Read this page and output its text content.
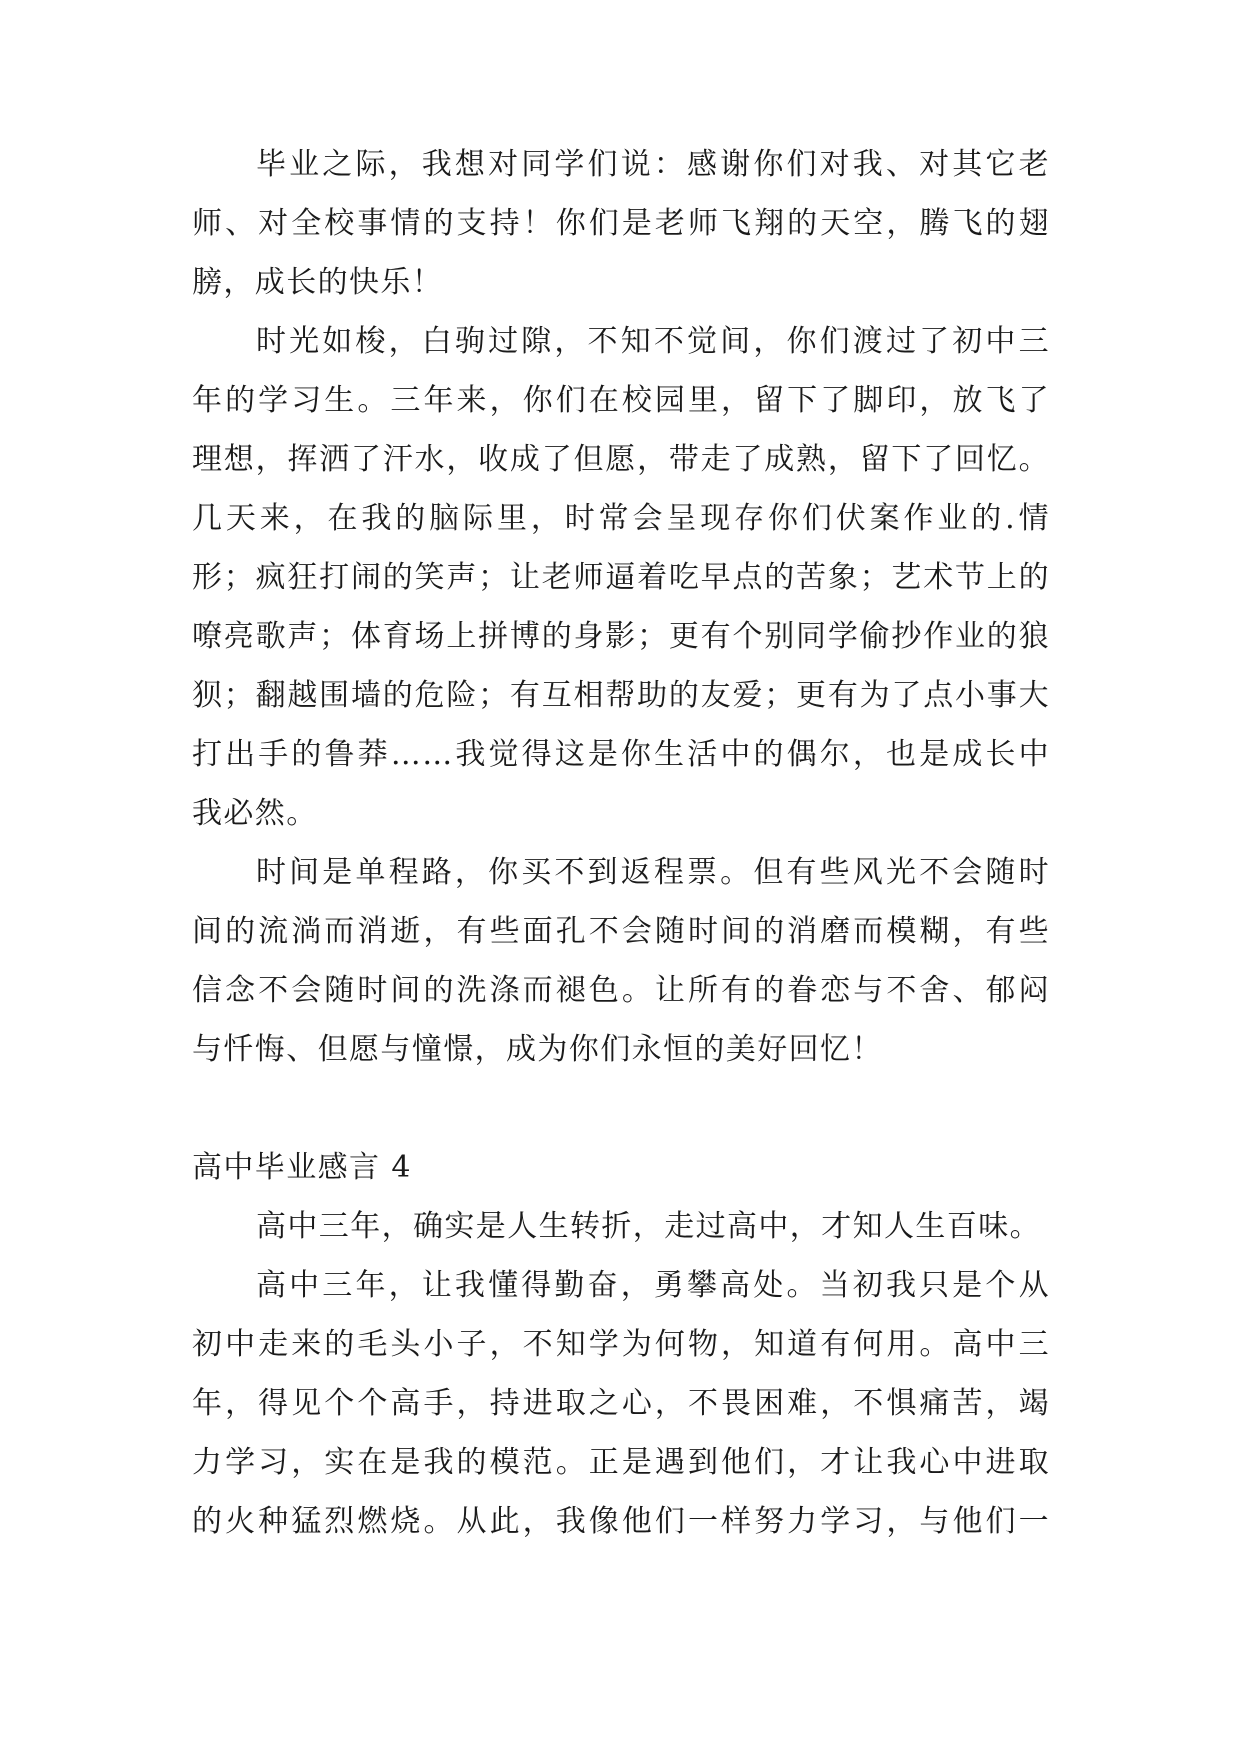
毕业之际，我想对同学们说：感谢你们对我、对其它老
师、对全校事情的支持！你们是老师飞翔的天空，腾飞的翅
膀，成长的快乐！
时光如梭，白驹过隙，不知不觉间，你们渡过了初中三
年的学习生。三年来，你们在校园里，留下了脚印，放飞了
理想，挥洒了汗水，收成了但愿，带走了成熟，留下了回忆。
几天来，在我的脑际里，时常会呈现存你们伏案作业的.情
形；疯狂打闹的笑声；让老师逼着吃早点的苦象；艺术节上的
嘹亮歌声；体育场上拼博的身影；更有个别同学偷抄作业的狼
狈；翻越围墙的危险；有互相帮助的友爱；更有为了点小事大
打出手的鲁莽……我觉得这是你生活中的偶尔，也是成长中
我必然。
时间是单程路，你买不到返程票。但有些风光不会随时
间的流淌而消逝，有些面孔不会随时间的消磨而模糊，有些
信念不会随时间的洗涤而褪色。让所有的眷恋与不舍、郁闷
与忏悔、但愿与憧憬，成为你们永恒的美好回忆！
高中毕业感言 4
高中三年，确实是人生转折，走过高中，才知人生百味。
高中三年，让我懂得勤奋，勇攀高处。当初我只是个从
初中走来的毛头小子，不知学为何物，知道有何用。高中三
年，得见个个高手，持进取之心，不畏困难，不惧痛苦，竭
力学习，实在是我的模范。正是遇到他们，才让我心中进取
的火种猛烈燃烧。从此，我像他们一样努力学习，与他们一
